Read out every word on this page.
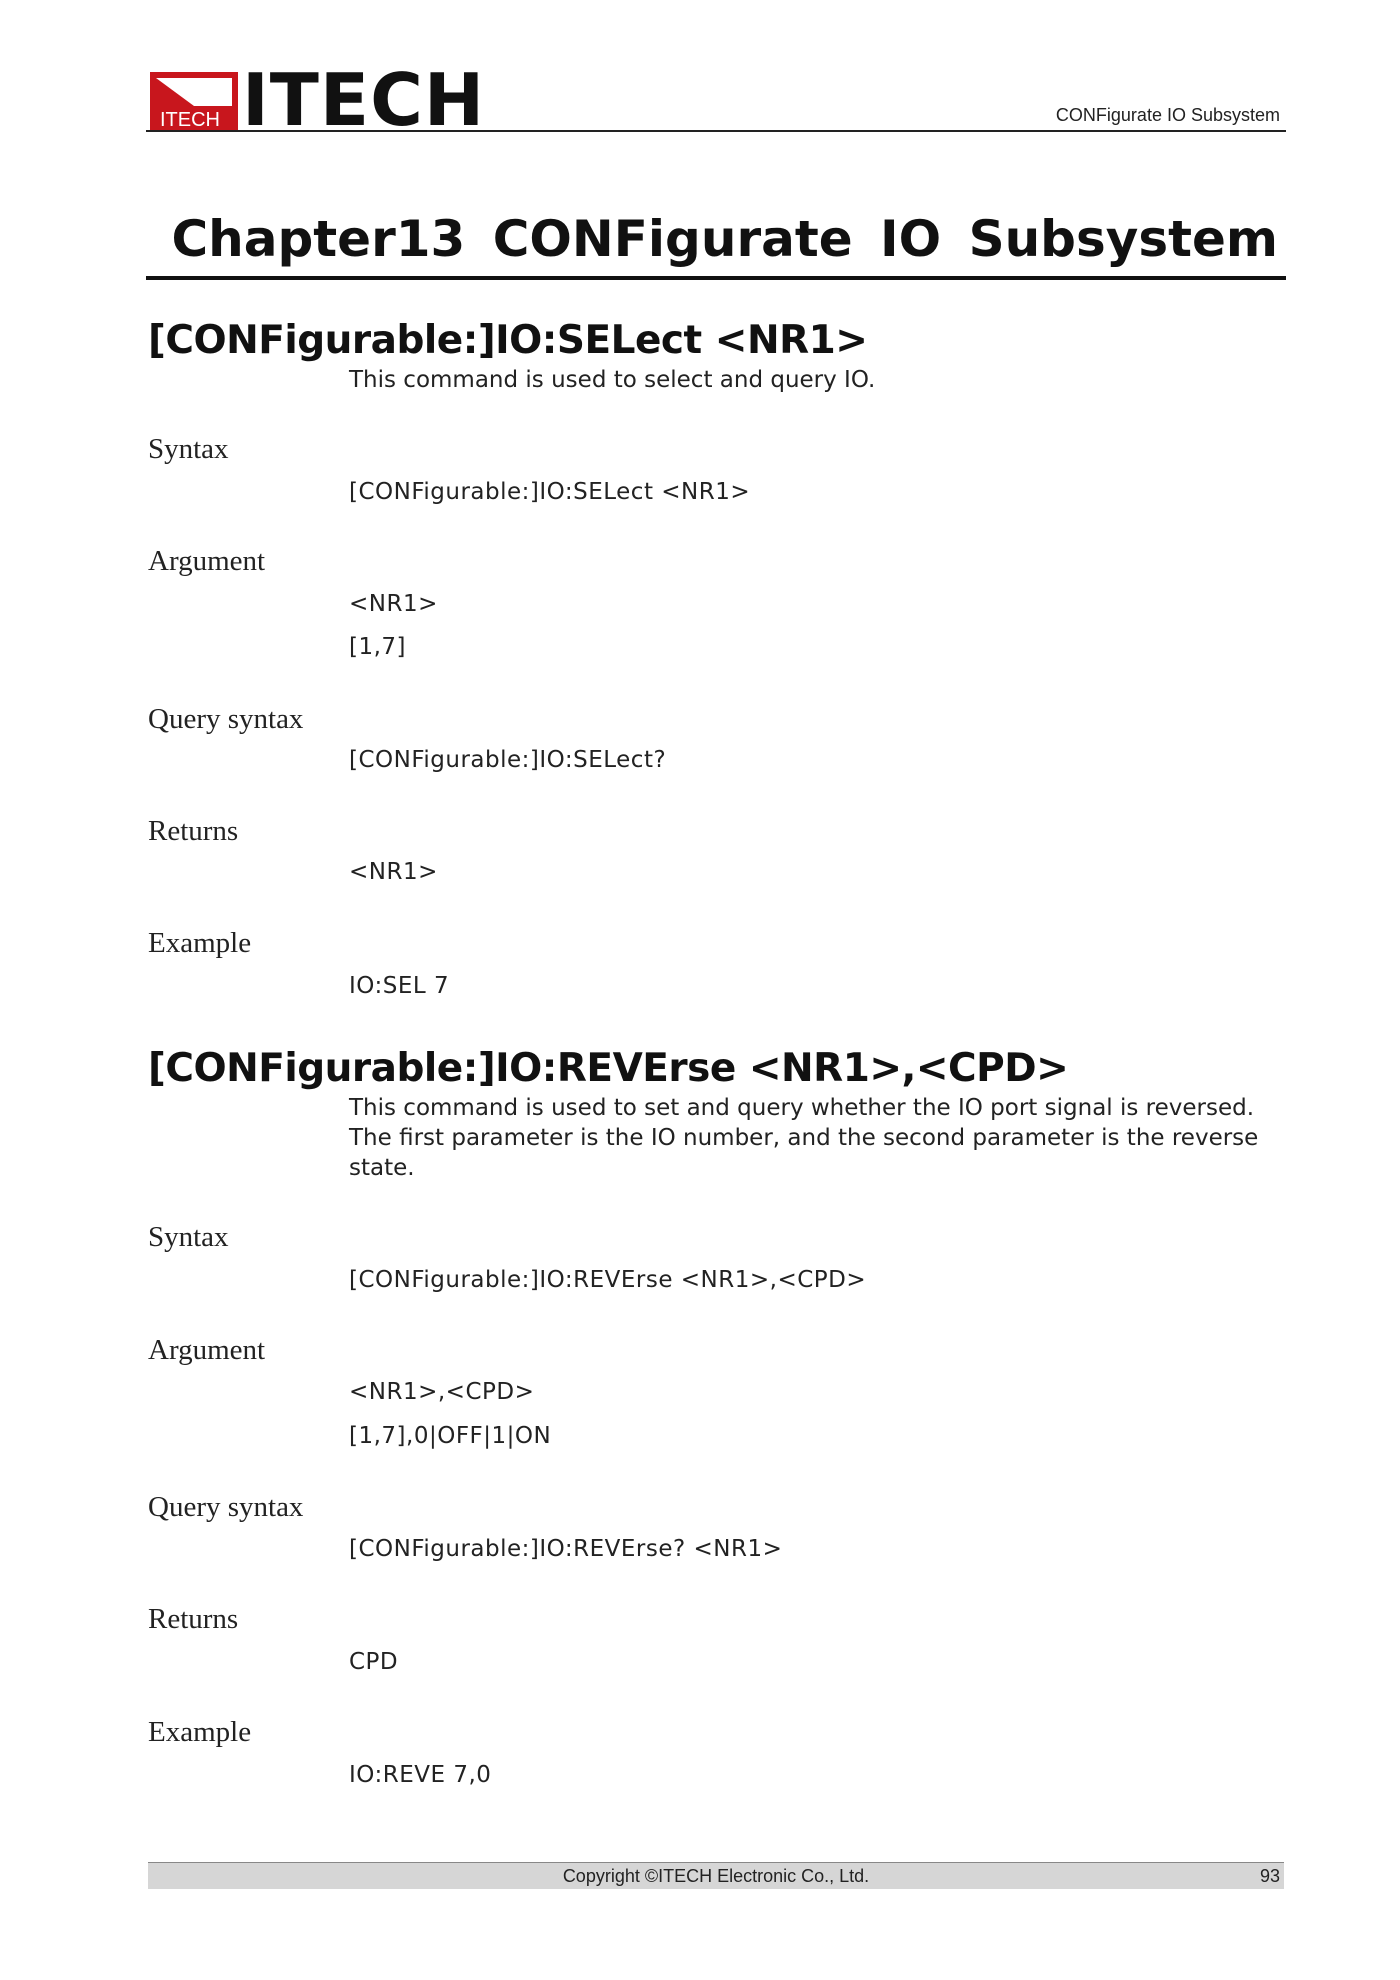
ITECH ITECH	CONFigurate IO Subsystem
Chapter13 CONFigurate IO Subsystem
[CONFigurable:]IO:SELect <NR1>
This command is used to select and query IO.
Syntax
[CONFigurable:]IO:SELect <NR1>
Argument
<NR1>
[1,7]
Query syntax
[CONFigurable:]IO:SELect?
Returns
<NR1>
Example
IO:SEL 7
[CONFigurable:]IO:REVErse <NR1>,<CPD>
This command is used to set and query whether the IO port signal is reversed.
The first parameter is the IO number, and the second parameter is the reverse
state.
Syntax
[CONFigurable:]IO:REVErse <NR1>,<CPD>
Argument
<NR1>,<CPD>
[1,7],0|OFF|1|ON
Query syntax
[CONFigurable:]IO:REVErse? <NR1>
Returns
CPD
Example
IO:REVE 7,0
Copyright ©ITECH Electronic Co., Ltd.	93
